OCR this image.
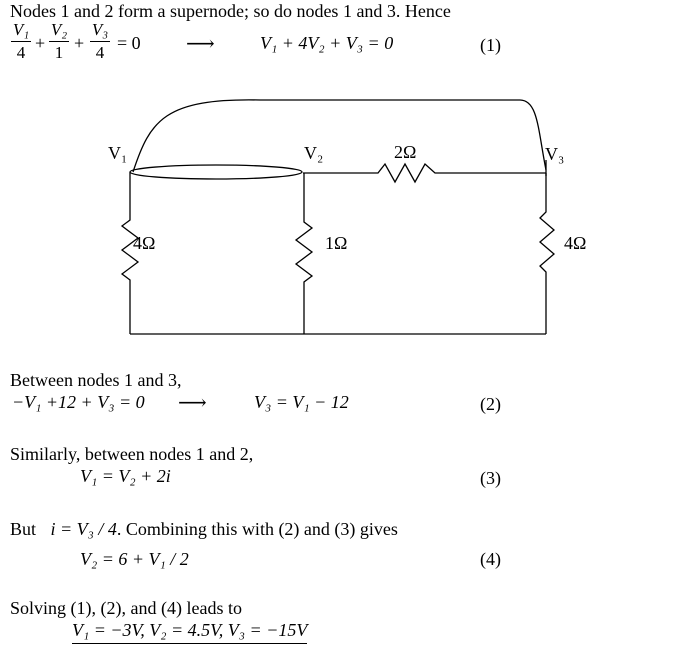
Nodes 1 and 2 form a supernode; so do nodes 1 and 3. Hence
V₁
4 +
V₂
1 +
V₃
4 = 0 ⟶	V₁ + 4V₂ + V₃ = 0	(1)
V₁	V₂	V₃
2Ω
4Ω	1Ω	4Ω
Between nodes 1 and 3,
−V₁ +12 + V₃ = 0 ⟶	V₃ = V₁ − 12	(2)
Similarly, between nodes 1 and 2,
V₁ = V₂ + 2i	(3)
But i = V₃ / 4. Combining this with (2) and (3) gives
V₂ = 6 + V₁ / 2	(4)
Solving (1), (2), and (4) leads to
V₁ = −3V, V₂ = 4.5V, V₃ = −15V
